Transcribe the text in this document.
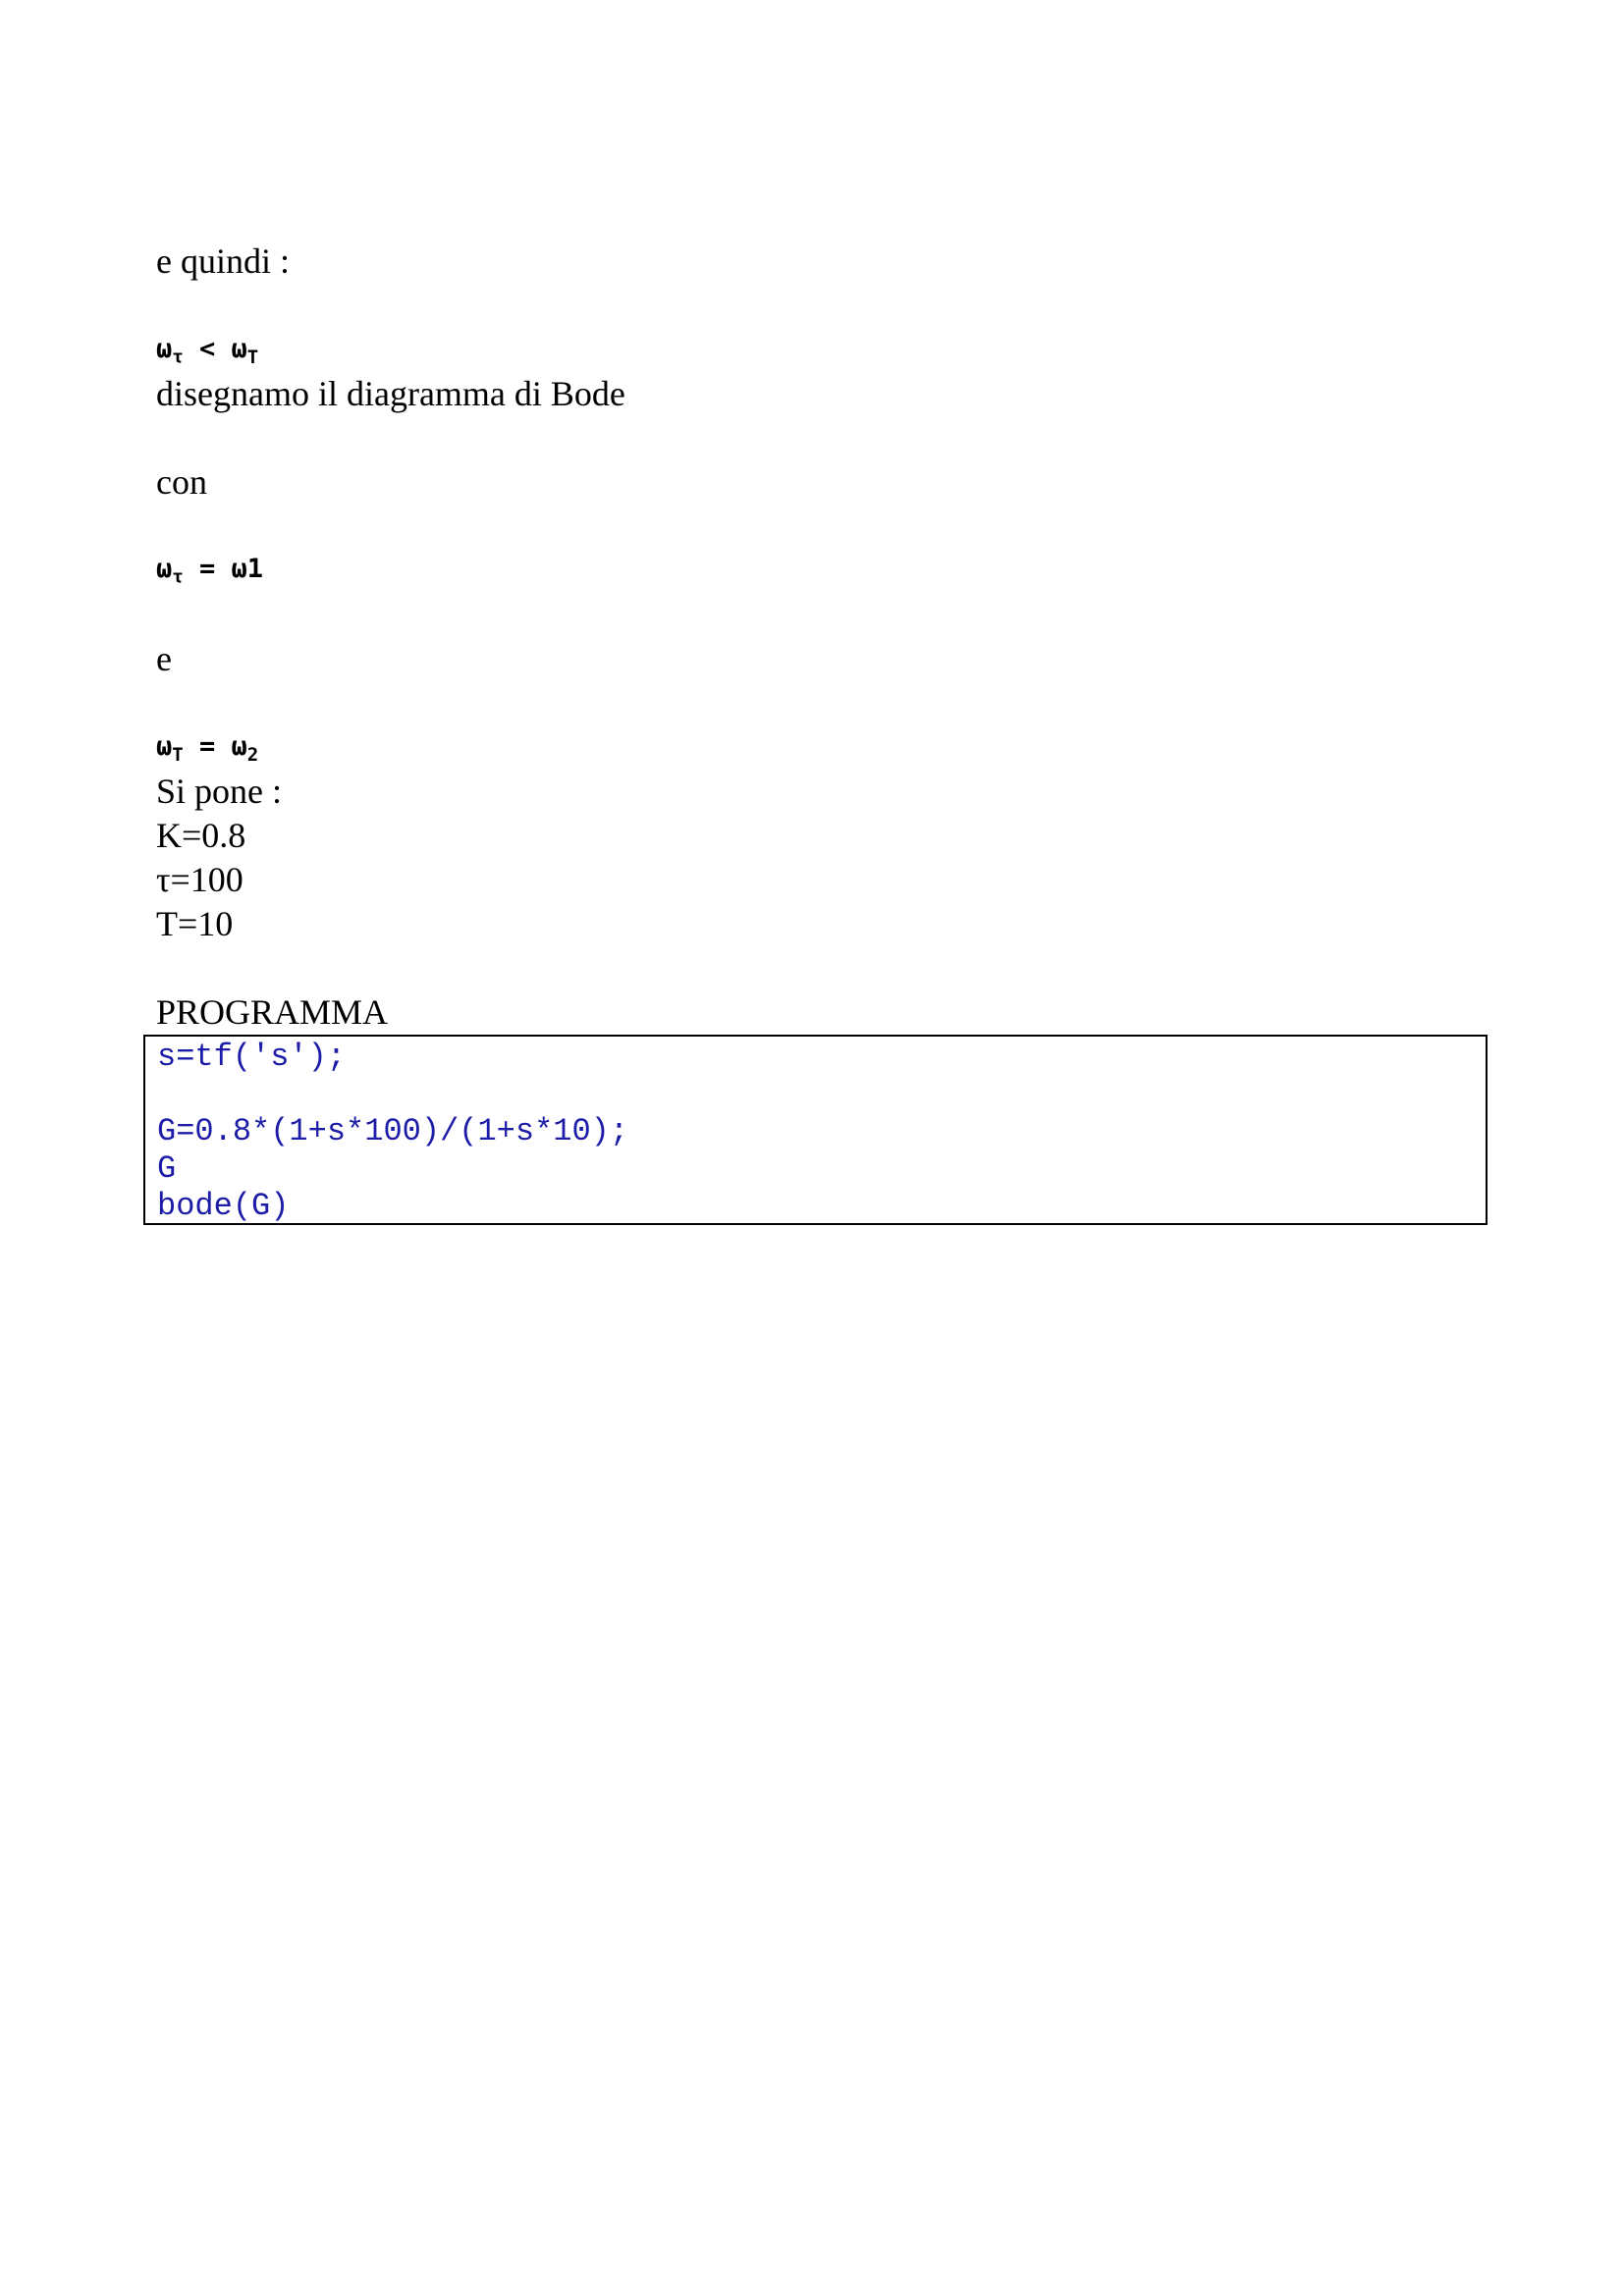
e quindi :
$\omega_\tau < \omega_T$
disegnamo il diagramma di Bode
con
$\omega_\tau = \omega 1$
e
$\omega_T = \omega_2$
Si pone :
K=0.8
τ=100
T=10
PROGRAMMA
s=tf('s');
G=0.8*(1+s*100)/(1+s*10);
G
bode(G)
